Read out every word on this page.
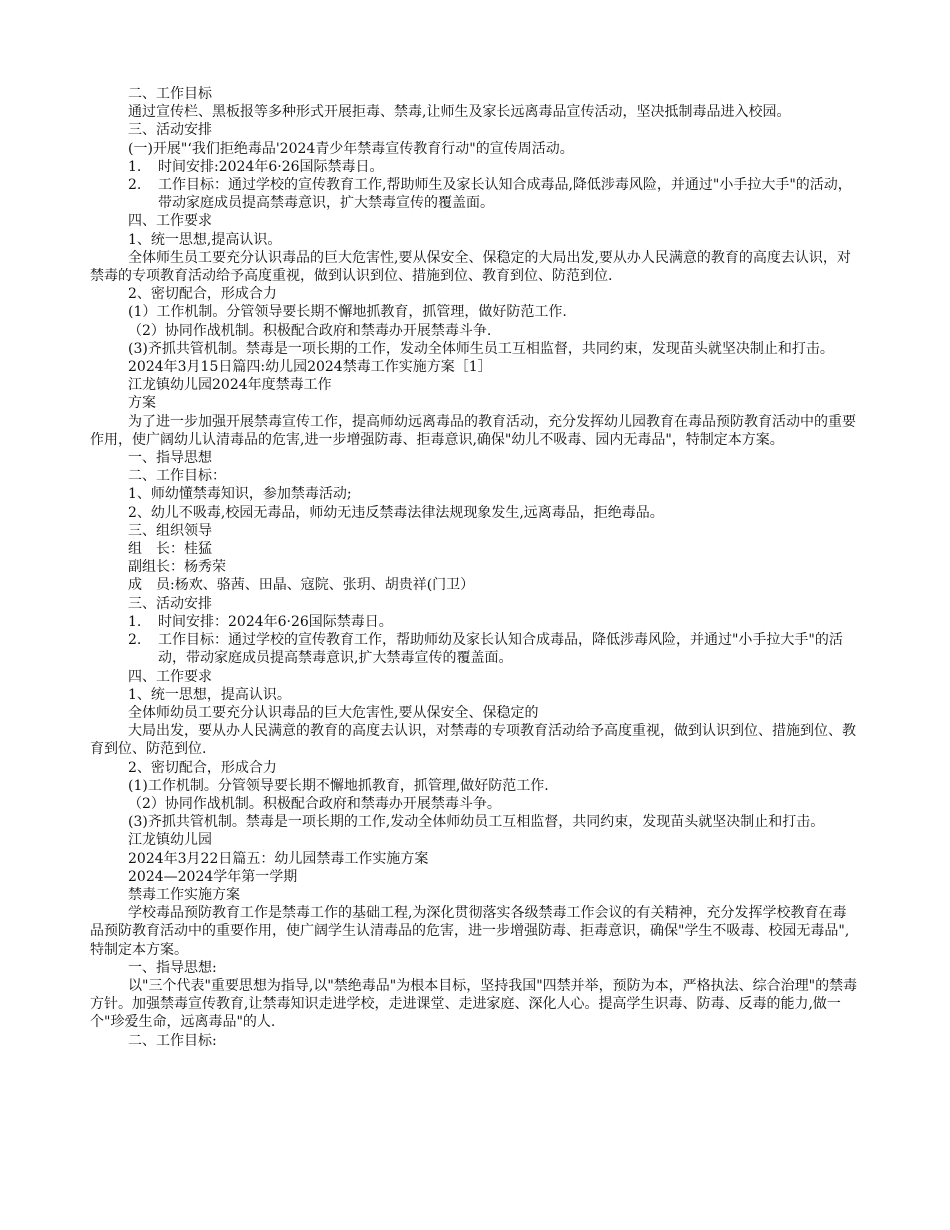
二、工作目标

通过宣传栏、黑板报等多种形式开展拒毒、禁毒,让师生及家长远离毒品宣传活动，坚决抵制毒品进入校园。

三、活动安排

(一)开展"‘我们拒绝毒品'2024青少年禁毒宣传教育行动"的宣传周活动。

1.	时间安排:2024年6·26国际禁毒日。
2.	工作目标：通过学校的宣传教育工作,帮助师生及家长认知合成毒品,降低涉毒风险，并通过"小手拉大手"的活动，带动家庭成员提高禁毒意识，扩大禁毒宣传的覆盖面。

四、工作要求

1、统一思想,提高认识。

全体师生员工要充分认识毒品的巨大危害性,要从保安全、保稳定的大局出发,要从办人民满意的教育的高度去认识，对禁毒的专项教育活动给予高度重视，做到认识到位、措施到位、教育到位、防范到位.

2、密切配合，形成合力

(1）工作机制。分管领导要长期不懈地抓教育，抓管理，做好防范工作.

（2）协同作战机制。积极配合政府和禁毒办开展禁毒斗争.

(3)齐抓共管机制。禁毒是一项长期的工作，发动全体师生员工互相监督，共同约束，发现苗头就坚决制止和打击。

2024年3月15日篇四:幼儿园2024禁毒工作实施方案［1］

江龙镇幼儿园2024年度禁毒工作

方案

为了进一步加强开展禁毒宣传工作，提高师幼远离毒品的教育活动，充分发挥幼儿园教育在毒品预防教育活动中的重要作用，使广阔幼儿认清毒品的危害,进一步增强防毒、拒毒意识,确保"幼儿不吸毒、园内无毒品"，特制定本方案。

一、指导思想

二、工作目标：

1、师幼懂禁毒知识，参加禁毒活动;

2、幼儿不吸毒,校园无毒品，师幼无违反禁毒法律法规现象发生,远离毒品，拒绝毒品。

三、组织领导

组　长：桂猛

副组长：杨秀荣

成　员:杨欢、骆茜、田晶、寇院、张玥、胡贵祥(门卫）

三、活动安排

1.	时间安排：2024年6·26国际禁毒日。
2.	工作目标：通过学校的宣传教育工作，帮助师幼及家长认知合成毒品，降低涉毒风险，并通过"小手拉大手"的活动，带动家庭成员提高禁毒意识,扩大禁毒宣传的覆盖面。

四、工作要求

1、统一思想，提高认识。

全体师幼员工要充分认识毒品的巨大危害性,要从保安全、保稳定的

大局出发，要从办人民满意的教育的高度去认识，对禁毒的专项教育活动给予高度重视，做到认识到位、措施到位、教育到位、防范到位.

2、密切配合，形成合力

(1)工作机制。分管领导要长期不懈地抓教育，抓管理,做好防范工作.

（2）协同作战机制。积极配合政府和禁毒办开展禁毒斗争。

(3)齐抓共管机制。禁毒是一项长期的工作,发动全体师幼员工互相监督，共同约束，发现苗头就坚决制止和打击。

江龙镇幼儿园

2024年3月22日篇五：幼儿园禁毒工作实施方案

2024—2024学年第一学期

禁毒工作实施方案

学校毒品预防教育工作是禁毒工作的基础工程,为深化贯彻落实各级禁毒工作会议的有关精神，充分发挥学校教育在毒品预防教育活动中的重要作用，使广阔学生认清毒品的危害，进一步增强防毒、拒毒意识，确保"学生不吸毒、校园无毒品",特制定本方案。

一、指导思想:

以"三个代表"重要思想为指导,以"禁绝毒品"为根本目标，坚持我国"四禁并举，预防为本，严格执法、综合治理"的禁毒方针。加强禁毒宣传教育,让禁毒知识走进学校，走进课堂、走进家庭、深化人心。提高学生识毒、防毒、反毒的能力,做一个"珍爱生命，远离毒品"的人.

二、工作目标:
